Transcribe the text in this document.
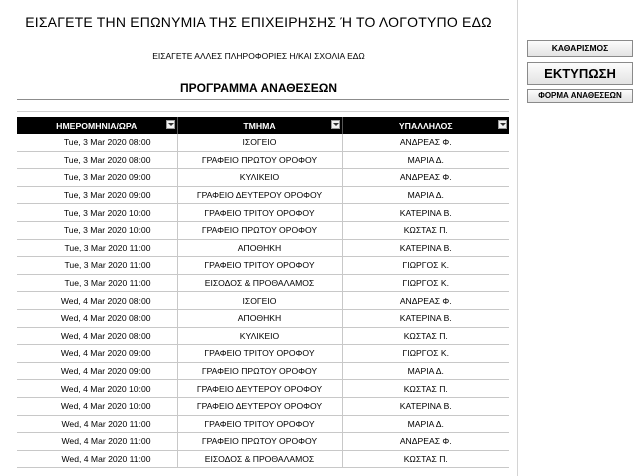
ΕΙΣΑΓΕΤΕ ΤΗΝ ΕΠΩΝΥΜΙΑ ΤΗΣ ΕΠΙΧΕΙΡΗΣΗΣ Ή ΤΟ ΛΟΓΟΤΥΠΟ ΕΔΩ
ΕΙΣΑΓΕΤΕ ΑΛΛΕΣ ΠΛΗΡΟΦΟΡΙΕΣ Η/ΚΑΙ ΣΧΟΛΙΑ ΕΔΩ
ΠΡΟΓΡΑΜΜΑ ΑΝΑΘΕΣΕΩΝ
ΗΜΕΡΟΜΗΝΙΑ/ΩΡΑ	ΤΜΗΜΑ	ΥΠΑΛΛΗΛΟΣ

Tue, 3 Mar 2020 08:00	ΙΣΟΓΕΙΟ	ΑΝΔΡΕΑΣ Φ.
Tue, 3 Mar 2020 08:00	ΓΡΑΦΕΙΟ ΠΡΩΤΟΥ ΟΡΟΦΟΥ	ΜΑΡΙΑ Δ.
Tue, 3 Mar 2020 09:00	ΚΥΛΙΚΕΙΟ	ΑΝΔΡΕΑΣ Φ.
Tue, 3 Mar 2020 09:00	ΓΡΑΦΕΙΟ ΔΕΥΤΕΡΟΥ ΟΡΟΦΟΥ	ΜΑΡΙΑ Δ.
Tue, 3 Mar 2020 10:00	ΓΡΑΦΕΙΟ ΤΡΙΤΟΥ ΟΡΟΦΟΥ	ΚΑΤΕΡΙΝΑ Β.
Tue, 3 Mar 2020 10:00	ΓΡΑΦΕΙΟ ΠΡΩΤΟΥ ΟΡΟΦΟΥ	ΚΩΣΤΑΣ Π.
Tue, 3 Mar 2020 11:00	ΑΠΟΘΗΚΗ	ΚΑΤΕΡΙΝΑ Β.
Tue, 3 Mar 2020 11:00	ΓΡΑΦΕΙΟ ΤΡΙΤΟΥ ΟΡΟΦΟΥ	ΓΙΩΡΓΟΣ Κ.
Tue, 3 Mar 2020 11:00	ΕΙΣΟΔΟΣ & ΠΡΟΘΑΛΑΜΟΣ	ΓΙΩΡΓΟΣ Κ.
Wed, 4 Mar 2020 08:00	ΙΣΟΓΕΙΟ	ΑΝΔΡΕΑΣ Φ.
Wed, 4 Mar 2020 08:00	ΑΠΟΘΗΚΗ	ΚΑΤΕΡΙΝΑ Β.
Wed, 4 Mar 2020 08:00	ΚΥΛΙΚΕΙΟ	ΚΩΣΤΑΣ Π.
Wed, 4 Mar 2020 09:00	ΓΡΑΦΕΙΟ ΤΡΙΤΟΥ ΟΡΟΦΟΥ	ΓΙΩΡΓΟΣ Κ.
Wed, 4 Mar 2020 09:00	ΓΡΑΦΕΙΟ ΠΡΩΤΟΥ ΟΡΟΦΟΥ	ΜΑΡΙΑ Δ.
Wed, 4 Mar 2020 10:00	ΓΡΑΦΕΙΟ ΔΕΥΤΕΡΟΥ ΟΡΟΦΟΥ	ΚΩΣΤΑΣ Π.
Wed, 4 Mar 2020 10:00	ΓΡΑΦΕΙΟ ΔΕΥΤΕΡΟΥ ΟΡΟΦΟΥ	ΚΑΤΕΡΙΝΑ Β.
Wed, 4 Mar 2020 11:00	ΓΡΑΦΕΙΟ ΤΡΙΤΟΥ ΟΡΟΦΟΥ	ΜΑΡΙΑ Δ.
Wed, 4 Mar 2020 11:00	ΓΡΑΦΕΙΟ ΠΡΩΤΟΥ ΟΡΟΦΟΥ	ΑΝΔΡΕΑΣ Φ.
Wed, 4 Mar 2020 11:00	ΕΙΣΟΔΟΣ & ΠΡΟΘΑΛΑΜΟΣ	ΚΩΣΤΑΣ Π.
ΚΑΘΑΡΙΣΜΟΣ
ΕΚΤΥΠΩΣΗ
ΦΟΡΜΑ ΑΝΑΘΕΣΕΩΝ
